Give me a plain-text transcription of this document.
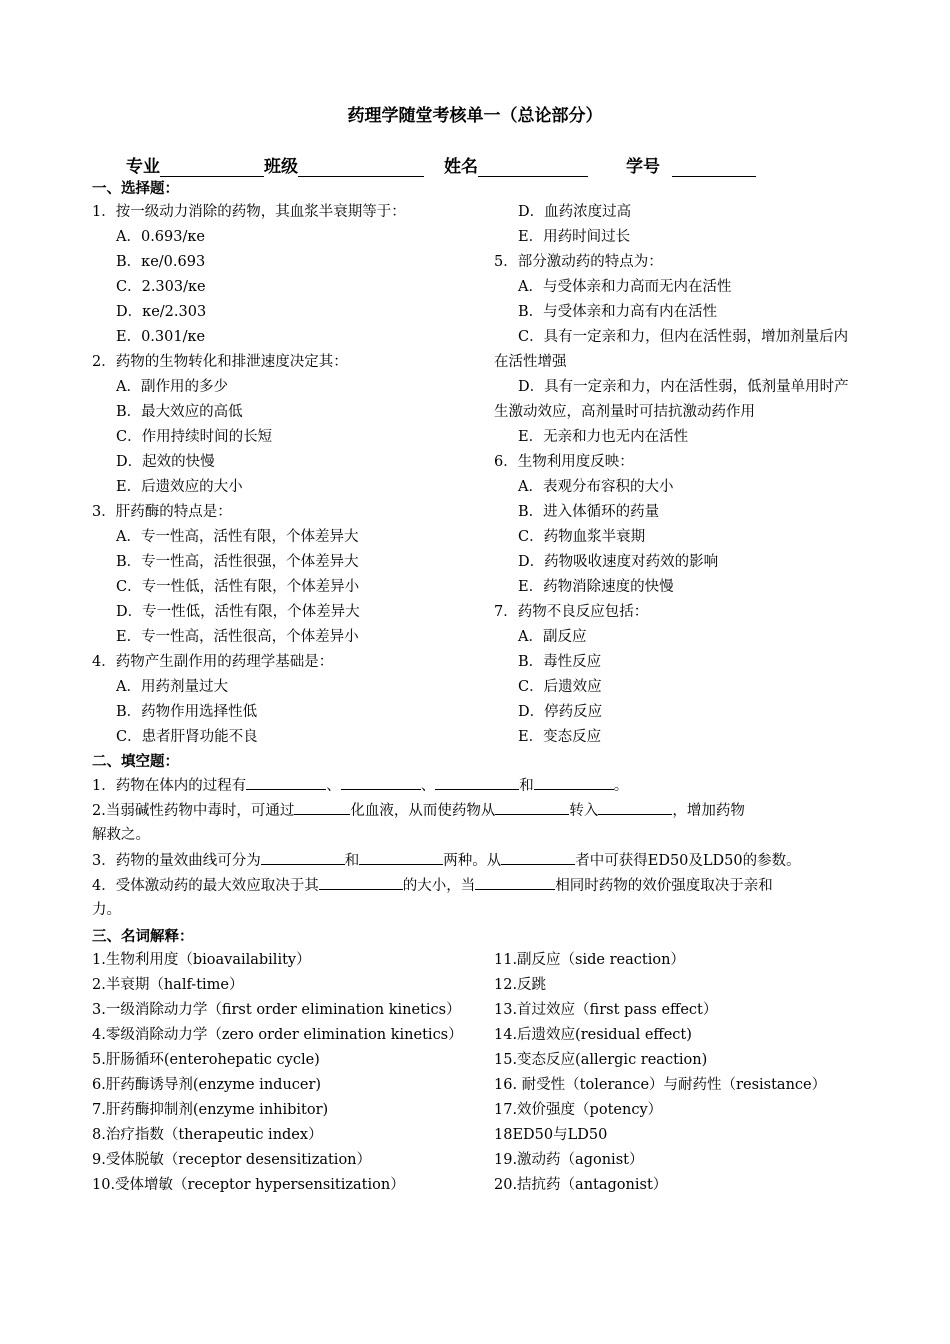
药理学随堂考核单一（总论部分）
专业	班级	姓名	学号
一、选择题：
1．按一级动力消除的药物，其血浆半衰期等于：
A．0.693/κe
B．κe/0.693
C．2.303/κe
D．κe/2.303
E．0.301/κe
2．药物的生物转化和排泄速度决定其：
A．副作用的多少
B．最大效应的高低
C．作用持续时间的长短
D．起效的快慢
E．后遗效应的大小
3．肝药酶的特点是：
A．专一性高，活性有限，个体差异大
B．专一性高，活性很强，个体差异大
C．专一性低，活性有限，个体差异小
D．专一性低，活性有限，个体差异大
E．专一性高，活性很高，个体差异小
4．药物产生副作用的药理学基础是：
A．用药剂量过大
B．药物作用选择性低
C．患者肝肾功能不良
D．血药浓度过高
E．用药时间过长
5．部分激动药的特点为：
A．与受体亲和力高而无内在活性
B．与受体亲和力高有内在活性
C．具有一定亲和力，但内在活性弱，增加剂量后内在活性增强
D．具有一定亲和力，内在活性弱，低剂量单用时产生激动效应，高剂量时可拮抗激动药作用
E．无亲和力也无内在活性
6．生物利用度反映：
A．表观分布容积的大小
B．进入体循环的药量
C．药物血浆半衰期
D．药物吸收速度对药效的影响
E．药物消除速度的快慢
7．药物不良反应包括：
A．副反应
B．毒性反应
C．后遗效应
D．停药反应
E．变态反应
二、填空题：
1．药物在体内的过程有	、	、	和	。
2.当弱碱性药物中毒时，可通过	化血液，从而使药物从	转入	，增加药物
解救之。
3．药物的量效曲线可分为	和	两种。从	者中可获得ED50及LD50的参数。
4．受体激动药的最大效应取决于其	的大小，当	相同时药物的效价强度取决于亲和
力。
三、名词解释：
1.生物利用度（bioavailability）
2.半衰期（half-time）
3.一级消除动力学（first order elimination kinetics）
4.零级消除动力学（zero order elimination kinetics）
5.肝肠循环(enterohepatic cycle)
6.肝药酶诱导剂(enzyme inducer)
7.肝药酶抑制剂(enzyme inhibitor)
8.治疗指数（therapeutic index）
9.受体脱敏（receptor desensitization）
10.受体增敏（receptor hypersensitization）
11.副反应（side reaction）
12.反跳
13.首过效应（first pass effect）
14.后遗效应(residual effect)
15.变态反应(allergic reaction)
16. 耐受性（tolerance）与耐药性（resistance）
17.效价强度（potency）
18ED50与LD50
19.激动药（agonist）
20.拮抗药（antagonist）
